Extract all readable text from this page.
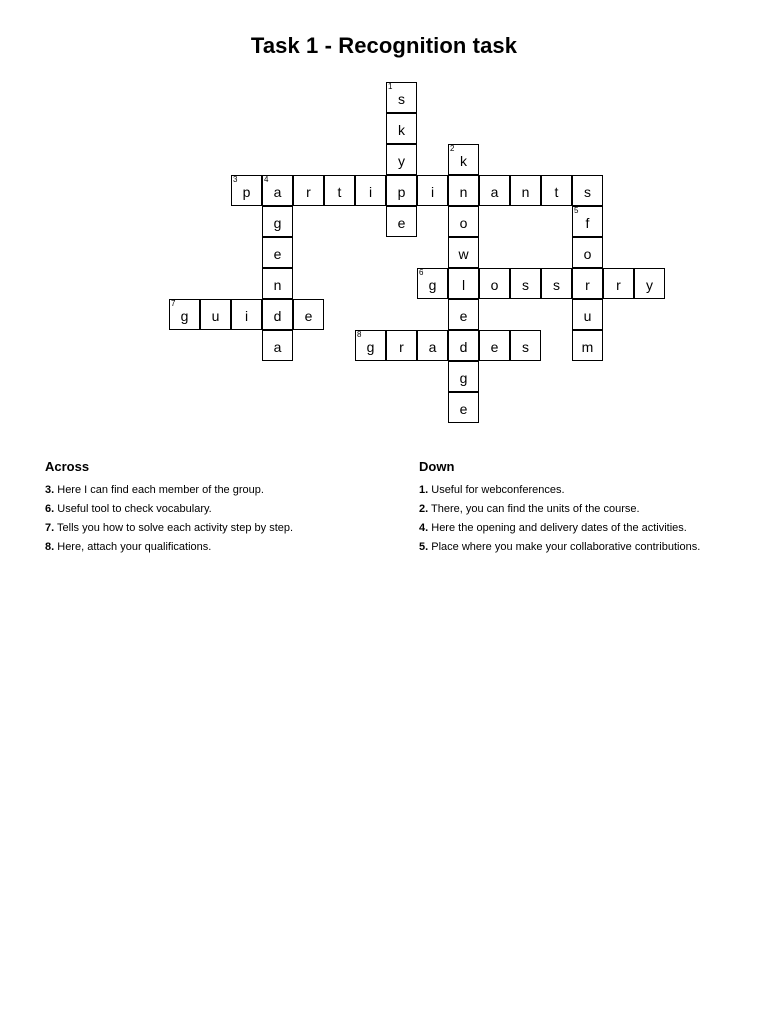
Task 1 - Recognition task
1
s
k
y
p
e
2
k
n
o
w
l
e
d
g
e
3
p
4
a	r	t	i	i	a	n	t	s
g
e
n
d
a
5
f
o
r
u
m
6
g	o	s	s	r	y
7
g	u	i	e
8
g	r	a	e	s
Across
3. Here I can find each member of the group.
6. Useful tool to check vocabulary.
7. Tells you how to solve each activity step by step.
8. Here, attach your qualifications.
Down
1. Useful for webconferences.
2. There, you can find the units of the course.
4. Here the opening and delivery dates of the activities.
5. Place where you make your collaborative contributions.
